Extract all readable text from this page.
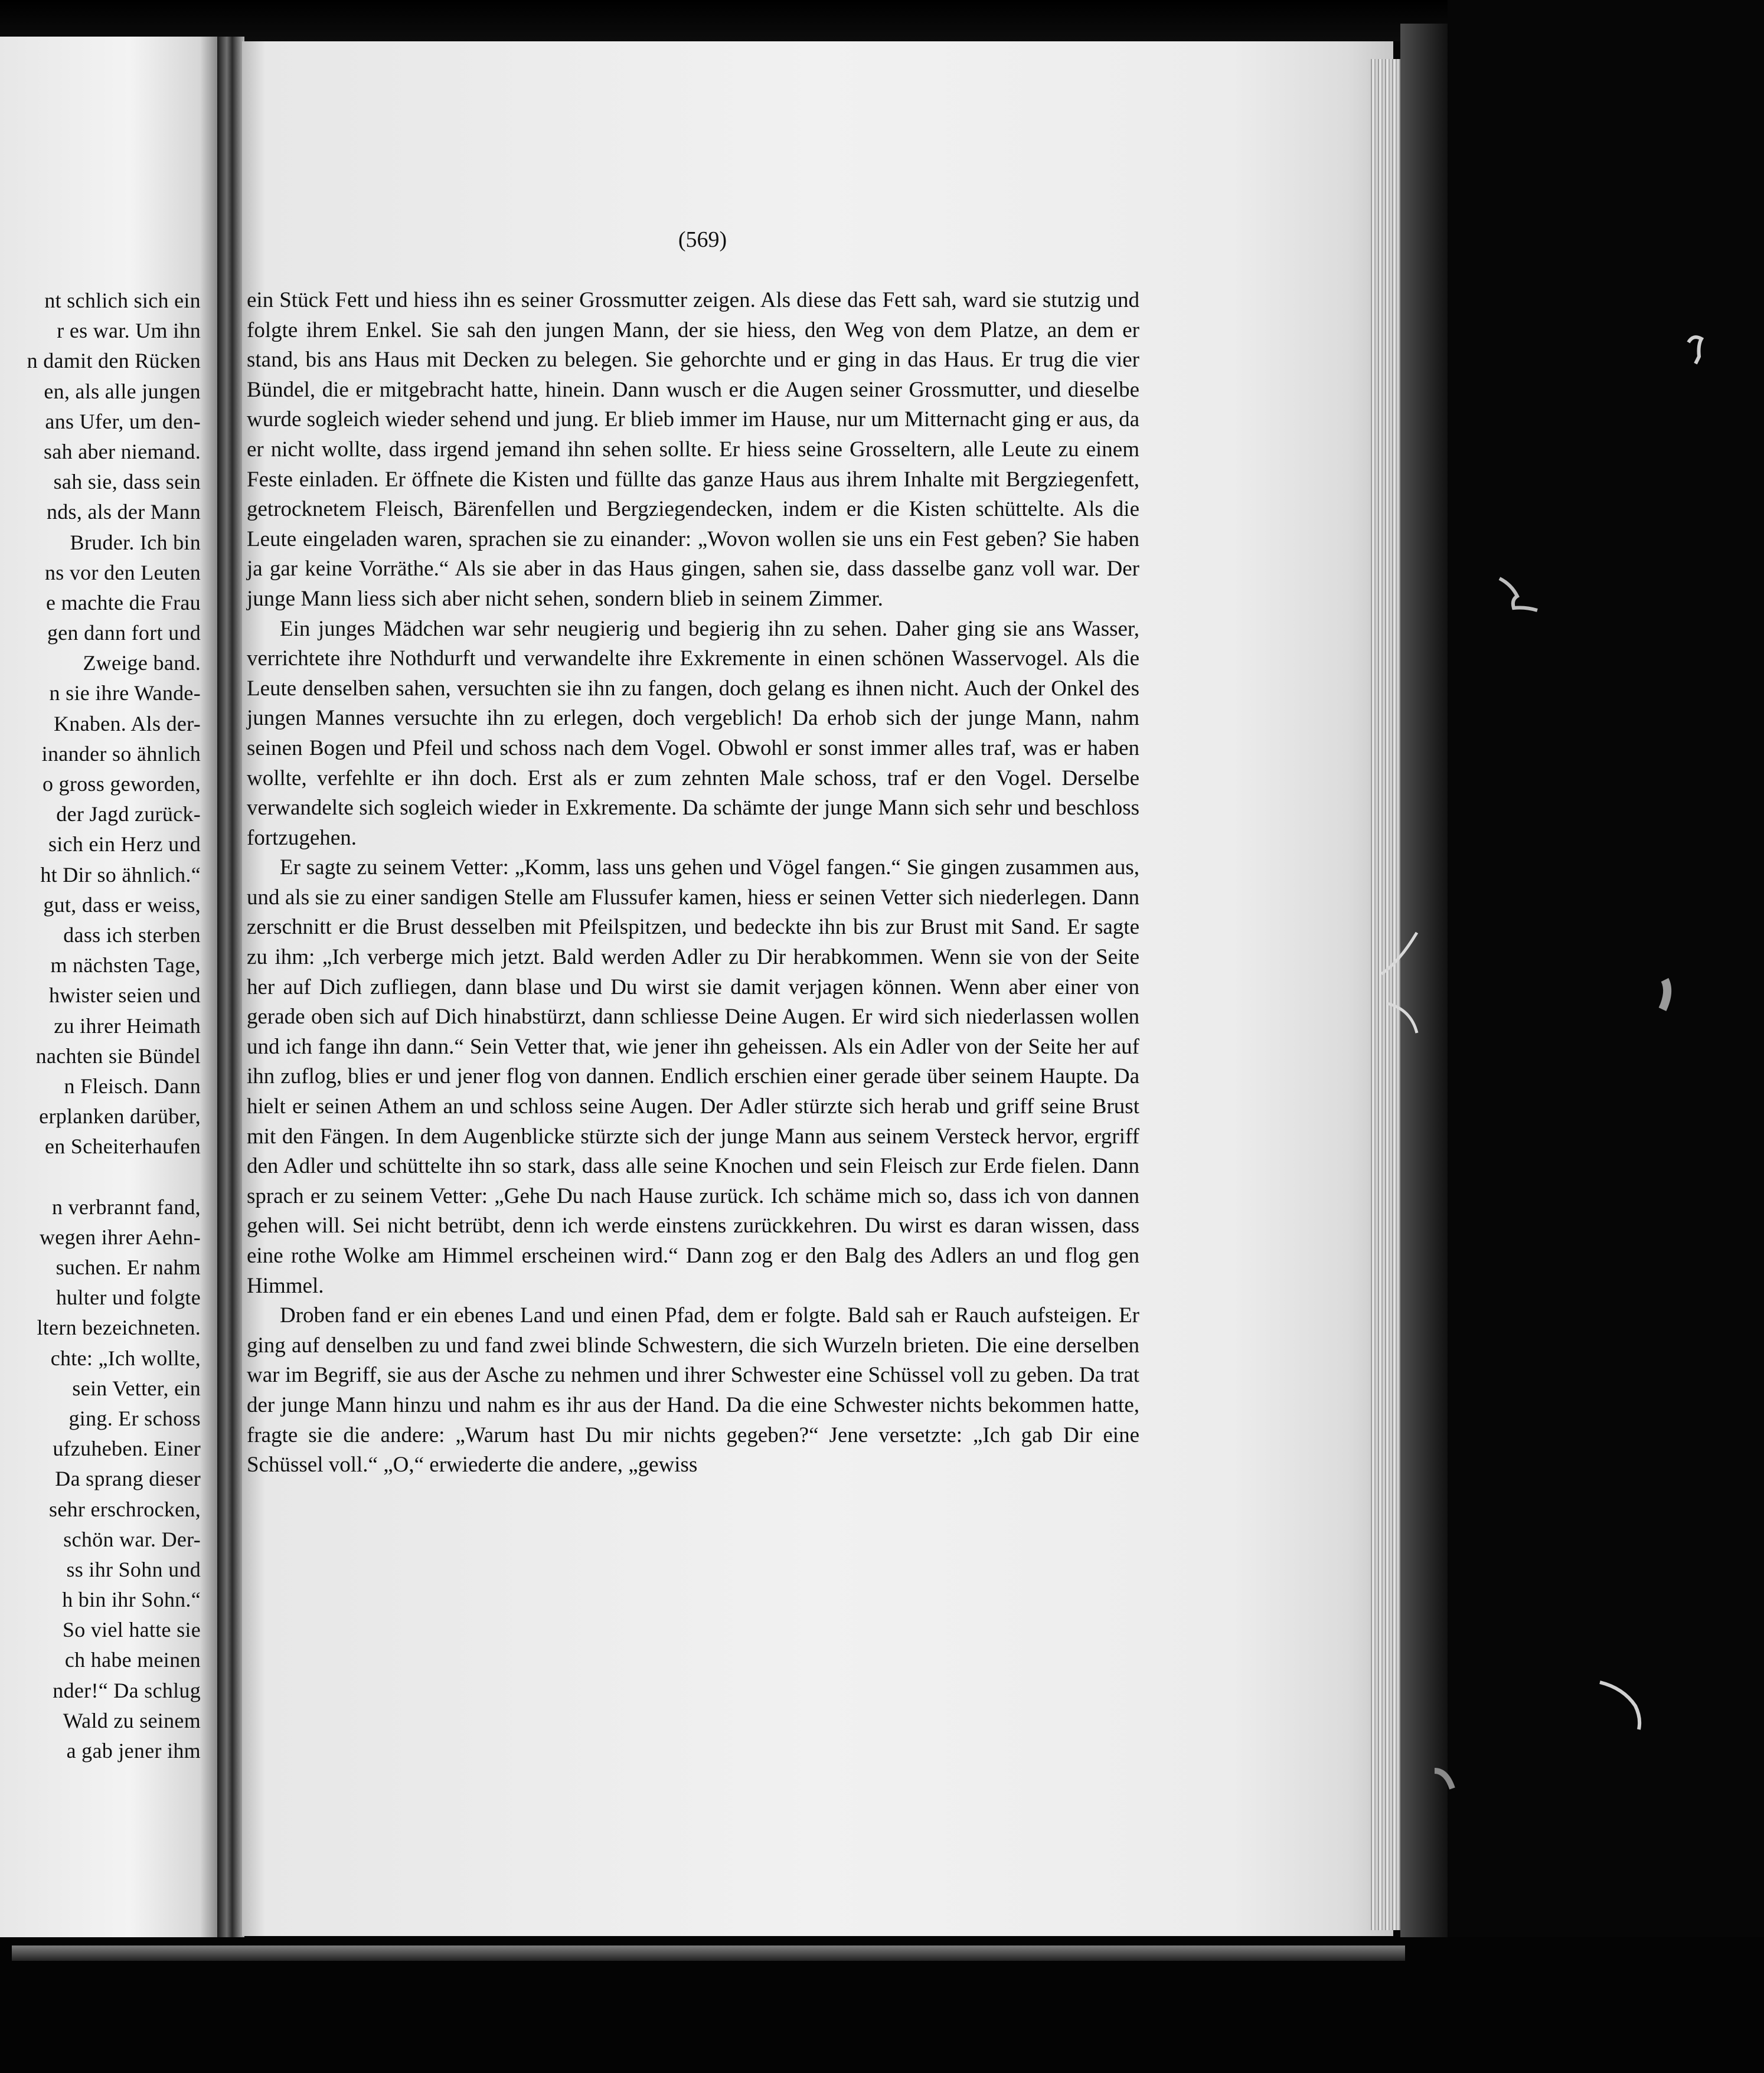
nt schlich sich ein
r es war. Um ihn
n damit den Rücken
en, als alle jungen
ans Ufer, um den-
sah aber niemand.
sah sie, dass sein
nds, als der Mann
Bruder. Ich bin
ns vor den Leuten
e machte die Frau
gen dann fort und
Zweige band.
n sie ihre Wande-
Knaben. Als der-
inander so ähnlich
o gross geworden,
der Jagd zurück-
sich ein Herz und
ht Dir so ähnlich.“
gut, dass er weiss,
dass ich sterben
m nächsten Tage,
hwister seien und
zu ihrer Heimath
nachten sie Bündel
n Fleisch. Dann
erplanken darüber,
en Scheiterhaufen
n verbrannt fand,
wegen ihrer Aehn-
suchen. Er nahm
hulter und folgte
ltern bezeichneten.
chte: „Ich wollte,
sein Vetter, ein
ging. Er schoss
ufzuheben. Einer
Da sprang dieser
sehr erschrocken,
schön war. Der-
ss ihr Sohn und
h bin ihr Sohn.“
So viel hatte sie
ch habe meinen
nder!“ Da schlug
Wald zu seinem
a gab jener ihm
(569)

ein Stück Fett und hiess ihn es seiner Grossmutter zeigen. Als diese das Fett sah, ward sie stutzig und folgte ihrem Enkel. Sie sah den jungen Mann, der sie hiess, den Weg von dem Platze, an dem er stand, bis ans Haus mit Decken zu belegen. Sie gehorchte und er ging in das Haus. Er trug die vier Bündel, die er mitgebracht hatte, hinein. Dann wusch er die Augen seiner Grossmutter, und dieselbe wurde sogleich wieder sehend und jung. Er blieb immer im Hause, nur um Mitternacht ging er aus, da er nicht wollte, dass irgend jemand ihn sehen sollte. Er hiess seine Grosseltern, alle Leute zu einem Feste einladen. Er öffnete die Kisten und füllte das ganze Haus aus ihrem Inhalte mit Bergziegenfett, getrocknetem Fleisch, Bärenfellen und Bergziegendecken, indem er die Kisten schüttelte. Als die Leute eingeladen waren, sprachen sie zu einander: „Wovon wollen sie uns ein Fest geben? Sie haben ja gar keine Vorräthe.“ Als sie aber in das Haus gingen, sahen sie, dass dasselbe ganz voll war. Der junge Mann liess sich aber nicht sehen, sondern blieb in seinem Zimmer.

Ein junges Mädchen war sehr neugierig und begierig ihn zu sehen. Daher ging sie ans Wasser, verrichtete ihre Nothdurft und verwandelte ihre Exkremente in einen schönen Wasservogel. Als die Leute denselben sahen, versuchten sie ihn zu fangen, doch gelang es ihnen nicht. Auch der Onkel des jungen Mannes versuchte ihn zu erlegen, doch vergeblich! Da erhob sich der junge Mann, nahm seinen Bogen und Pfeil und schoss nach dem Vogel. Obwohl er sonst immer alles traf, was er haben wollte, verfehlte er ihn doch. Erst als er zum zehnten Male schoss, traf er den Vogel. Derselbe verwandelte sich sogleich wieder in Exkremente. Da schämte der junge Mann sich sehr und beschloss fortzugehen.

Er sagte zu seinem Vetter: „Komm, lass uns gehen und Vögel fangen.“ Sie gingen zusammen aus, und als sie zu einer sandigen Stelle am Flussufer kamen, hiess er seinen Vetter sich niederlegen. Dann zerschnitt er die Brust desselben mit Pfeilspitzen, und bedeckte ihn bis zur Brust mit Sand. Er sagte zu ihm: „Ich verberge mich jetzt. Bald werden Adler zu Dir herabkommen. Wenn sie von der Seite her auf Dich zufliegen, dann blase und Du wirst sie damit verjagen können. Wenn aber einer von gerade oben sich auf Dich hinabstürzt, dann schliesse Deine Augen. Er wird sich niederlassen wollen und ich fange ihn dann.“ Sein Vetter that, wie jener ihn geheissen. Als ein Adler von der Seite her auf ihn zuflog, blies er und jener flog von dannen. Endlich erschien einer gerade über seinem Haupte. Da hielt er seinen Athem an und schloss seine Augen. Der Adler stürzte sich herab und griff seine Brust mit den Fängen. In dem Augenblicke stürzte sich der junge Mann aus seinem Versteck hervor, ergriff den Adler und schüttelte ihn so stark, dass alle seine Knochen und sein Fleisch zur Erde fielen. Dann sprach er zu seinem Vetter: „Gehe Du nach Hause zurück. Ich schäme mich so, dass ich von dannen gehen will. Sei nicht betrübt, denn ich werde einstens zurückkehren. Du wirst es daran wissen, dass eine rothe Wolke am Himmel erscheinen wird.“ Dann zog er den Balg des Adlers an und flog gen Himmel.

Droben fand er ein ebenes Land und einen Pfad, dem er folgte. Bald sah er Rauch aufsteigen. Er ging auf denselben zu und fand zwei blinde Schwestern, die sich Wurzeln brieten. Die eine derselben war im Begriff, sie aus der Asche zu nehmen und ihrer Schwester eine Schüssel voll zu geben. Da trat der junge Mann hinzu und nahm es ihr aus der Hand. Da die eine Schwester nichts bekommen hatte, fragte sie die andere: „Warum hast Du mir nichts gegeben?“ Jene versetzte: „Ich gab Dir eine Schüssel voll.“ „O,“ erwiederte die andere, „gewiss
